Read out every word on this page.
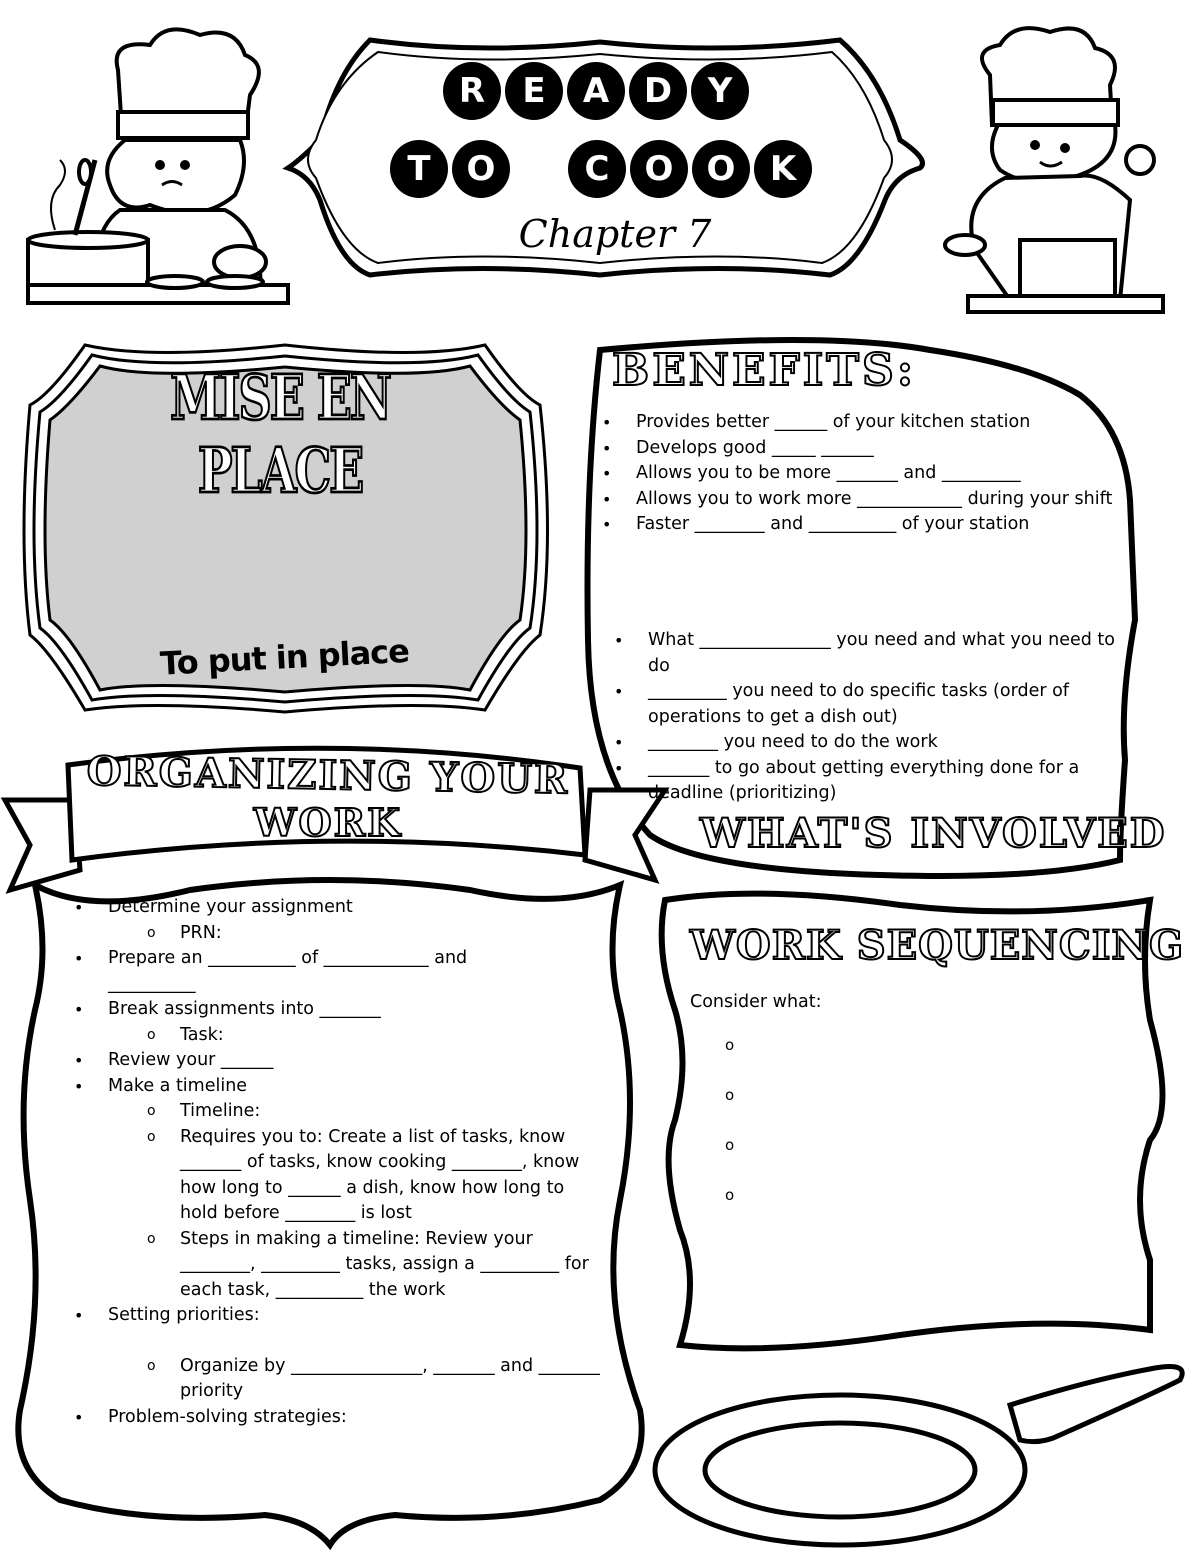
R	E	A	D	Y
T	O	C	O O	K
Chapter 7
MISE EN PLACE
To put in place
BENEFITS:
• Provides better ______ of your kitchen station
• Develops good _____ ______
• Allows you to be more _______ and _________
• Allows you to work more ____________ during your shift
• Faster ________ and __________ of your station
• What _______________ you need and what you need to do
• _________ you need to do specific tasks (order of operations to get a dish out)
• ________ you need to do the work
• _______ to go about getting everything done for a deadline (prioritizing)
WHAT'S INVOLVED
ORGANIZING YOUR
WORK
• Determine your assignment
o PRN:
• Prepare an __________ of ____________ and
__________
• Break assignments into _______
o Task:
• Review your ______
• Make a timeline
o Timeline:
o Requires you to: Create a list of tasks, know _______ of tasks, know cooking ________, know how long to ______ a dish, know how long to hold before ________ is lost
o Steps in making a timeline: Review your ________, _________ tasks, assign a _________ for each task, __________ the work
• Setting priorities:
o Organize by _______________, _______ and _______ priority
• Problem-solving strategies:
WORK SEQUENCING
Consider what:
o
o
o
o
